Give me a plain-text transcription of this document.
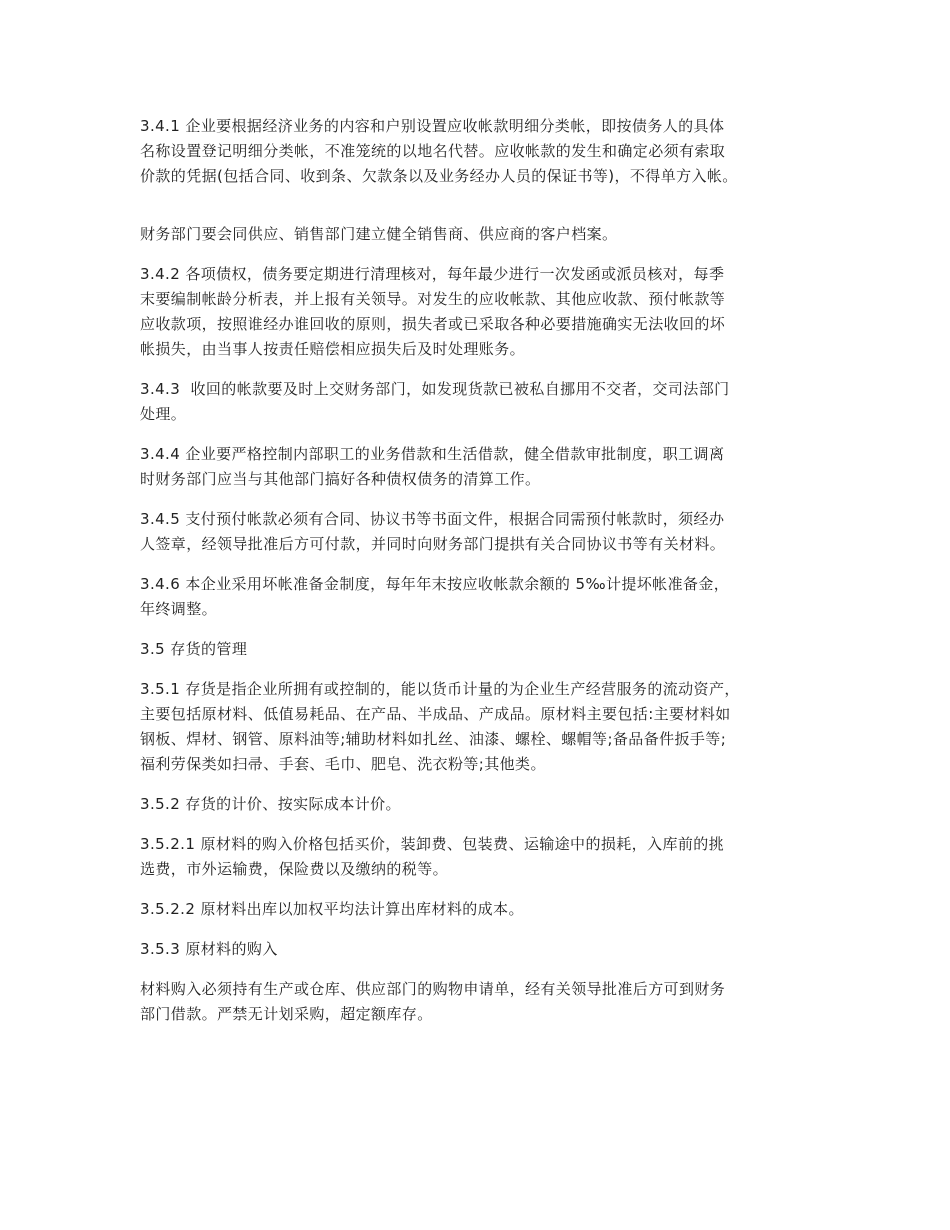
3.4.1 企业要根据经济业务的内容和户别设置应收帐款明细分类帐，即按债务人的具体
名称设置登记明细分类帐，不准笼统的以地名代替。应收帐款的发生和确定必须有索取
价款的凭据(包括合同、收到条、欠款条以及业务经办人员的保证书等)，不得单方入帐。

财务部门要会同供应、销售部门建立健全销售商、供应商的客户档案。

3.4.2 各项债权，债务要定期进行清理核对，每年最少进行一次发函或派员核对，每季
末要编制帐龄分析表，并上报有关领导。对发生的应收帐款、其他应收款、预付帐款等
应收款项，按照谁经办谁回收的原则，损失者或已采取各种必要措施确实无法收回的坏
帐损失，由当事人按责任赔偿相应损失后及时处理账务。

3.4.3  收回的帐款要及时上交财务部门，如发现货款已被私自挪用不交者，交司法部门
处理。

3.4.4 企业要严格控制内部职工的业务借款和生活借款，健全借款审批制度，职工调离
时财务部门应当与其他部门搞好各种债权债务的清算工作。

3.4.5 支付预付帐款必须有合同、协议书等书面文件，根据合同需预付帐款时，须经办
人签章，经领导批准后方可付款，并同时向财务部门提拱有关合同协议书等有关材料。

3.4.6 本企业采用坏帐准备金制度，每年年末按应收帐款余额的 5‰计提坏帐准备金，
年终调整。

3.5 存货的管理

3.5.1 存货是指企业所拥有或控制的，能以货币计量的为企业生产经营服务的流动资产，
主要包括原材料、低值易耗品、在产品、半成品、产成品。原材料主要包括:主要材料如
钢板、焊材、钢管、原料油等;辅助材料如扎丝、油漆、螺栓、螺帽等;备品备件扳手等;
福利劳保类如扫帚、手套、毛巾、肥皂、洗衣粉等;其他类。

3.5.2 存货的计价、按实际成本计价。

3.5.2.1 原材料的购入价格包括买价，装卸费、包装费、运输途中的损耗，入库前的挑
选费，市外运输费，保险费以及缴纳的税等。

3.5.2.2 原材料出库以加权平均法计算出库材料的成本。

3.5.3 原材料的购入

材料购入必须持有生产或仓库、供应部门的购物申请单，经有关领导批准后方可到财务
部门借款。严禁无计划采购，超定额库存。
